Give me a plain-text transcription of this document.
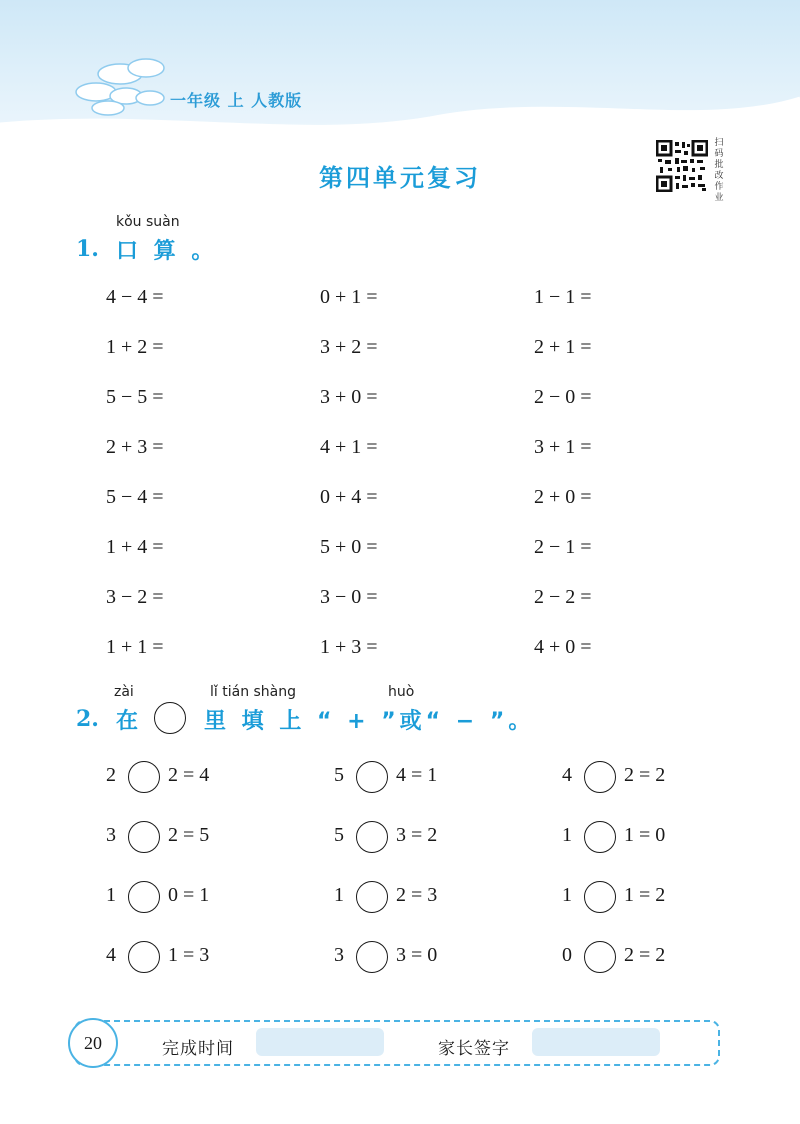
一年级 上 人教版
扫码批改作业
第四单元复习
kǒu suàn
1. 口 算 。
4 − 4 =	0 + 1 =	1 − 1 =
1 + 2 =	3 + 2 =	2 + 1 =
5 − 5 =	3 + 0 =	2 − 0 =
2 + 3 =	4 + 1 =	3 + 1 =
5 − 4 =	0 + 4 =	2 + 0 =
1 + 4 =	5 + 0 =	2 − 1 =
3 − 2 =	3 − 0 =	2 − 2 =
1 + 1 =	1 + 3 =	4 + 0 =
zài	lǐ tián shàng	huò
2. 在	里 填 上 “ + ”或“ − ”。
2	2 = 4	5	4 = 1	4	2 = 2
3	2 = 5	5	3 = 2	1	1 = 0
1	0 = 1	1	2 = 3	1	1 = 2
4	1 = 3	3	3 = 0	0	2 = 2
20	完成时间	家长签字
